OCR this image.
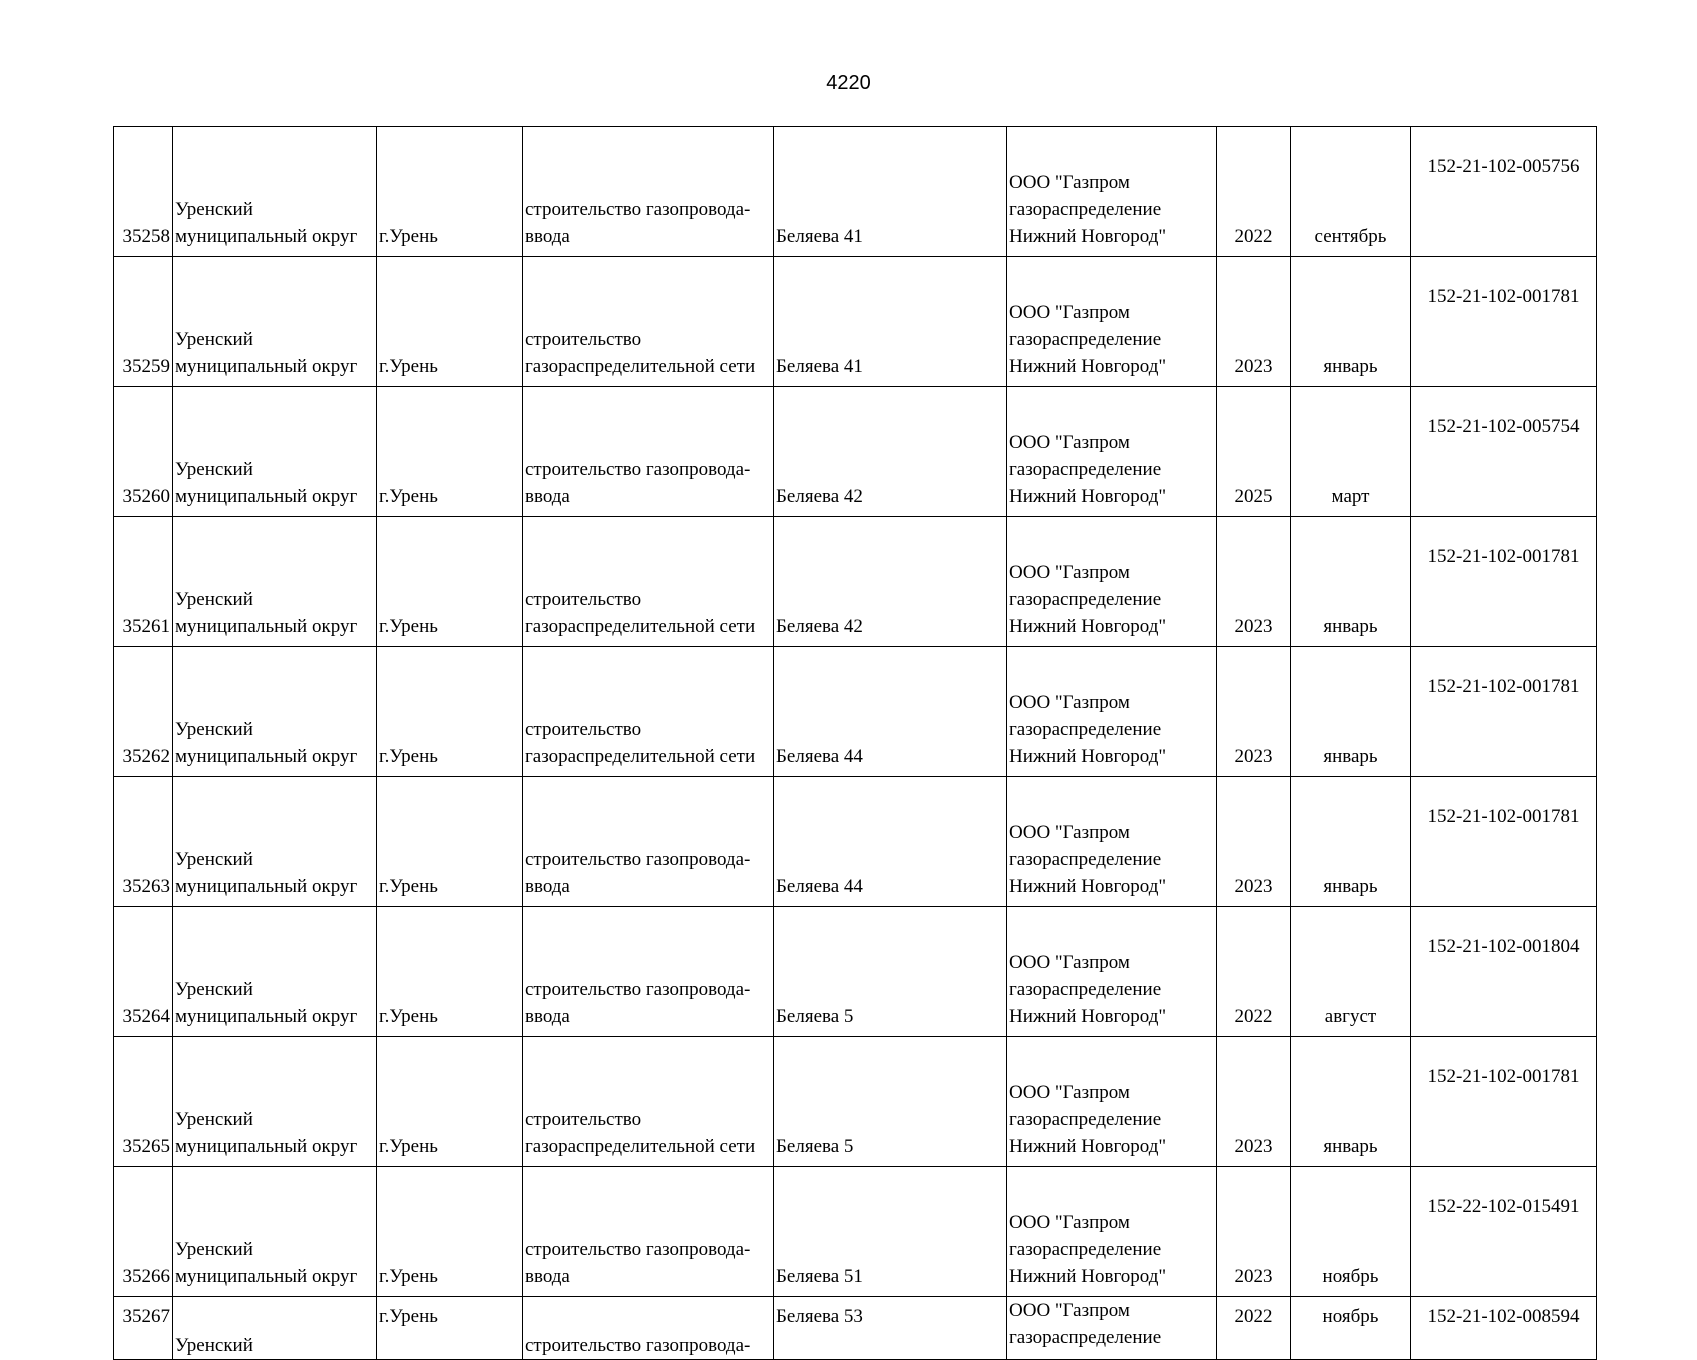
4220
35258	Уренский
муниципальный округ	г.Урень	строительство газопровода-
ввода	Беляева 41	ООО "Газпром
газораспределение
Нижний Новгород"	2022	сентябрь	152-21-102-005756

35259	Уренский
муниципальный округ	г.Урень	строительство
газораспределительной сети	Беляева 41	ООО "Газпром
газораспределение
Нижний Новгород"	2023	январь	152-21-102-001781

35260	Уренский
муниципальный округ	г.Урень	строительство газопровода-
ввода	Беляева 42	ООО "Газпром
газораспределение
Нижний Новгород"	2025	март	152-21-102-005754

35261	Уренский
муниципальный округ	г.Урень	строительство
газораспределительной сети	Беляева 42	ООО "Газпром
газораспределение
Нижний Новгород"	2023	январь	152-21-102-001781

35262	Уренский
муниципальный округ	г.Урень	строительство
газораспределительной сети	Беляева 44	ООО "Газпром
газораспределение
Нижний Новгород"	2023	январь	152-21-102-001781

35263	Уренский
муниципальный округ	г.Урень	строительство газопровода-
ввода	Беляева 44	ООО "Газпром
газораспределение
Нижний Новгород"	2023	январь	152-21-102-001781

35264	Уренский
муниципальный округ	г.Урень	строительство газопровода-
ввода	Беляева 5	ООО "Газпром
газораспределение
Нижний Новгород"	2022	август	152-21-102-001804

35265	Уренский
муниципальный округ	г.Урень	строительство
газораспределительной сети	Беляева 5	ООО "Газпром
газораспределение
Нижний Новгород"	2023	январь	152-21-102-001781

35266	Уренский
муниципальный округ	г.Урень	строительство газопровода-
ввода	Беляева 51	ООО "Газпром
газораспределение
Нижний Новгород"	2023	ноябрь	152-22-102-015491

35267	Уренский	г.Урень	строительство газопровода-	Беляева 53	ООО "Газпром
газораспределение	2022	ноябрь	152-21-102-008594
